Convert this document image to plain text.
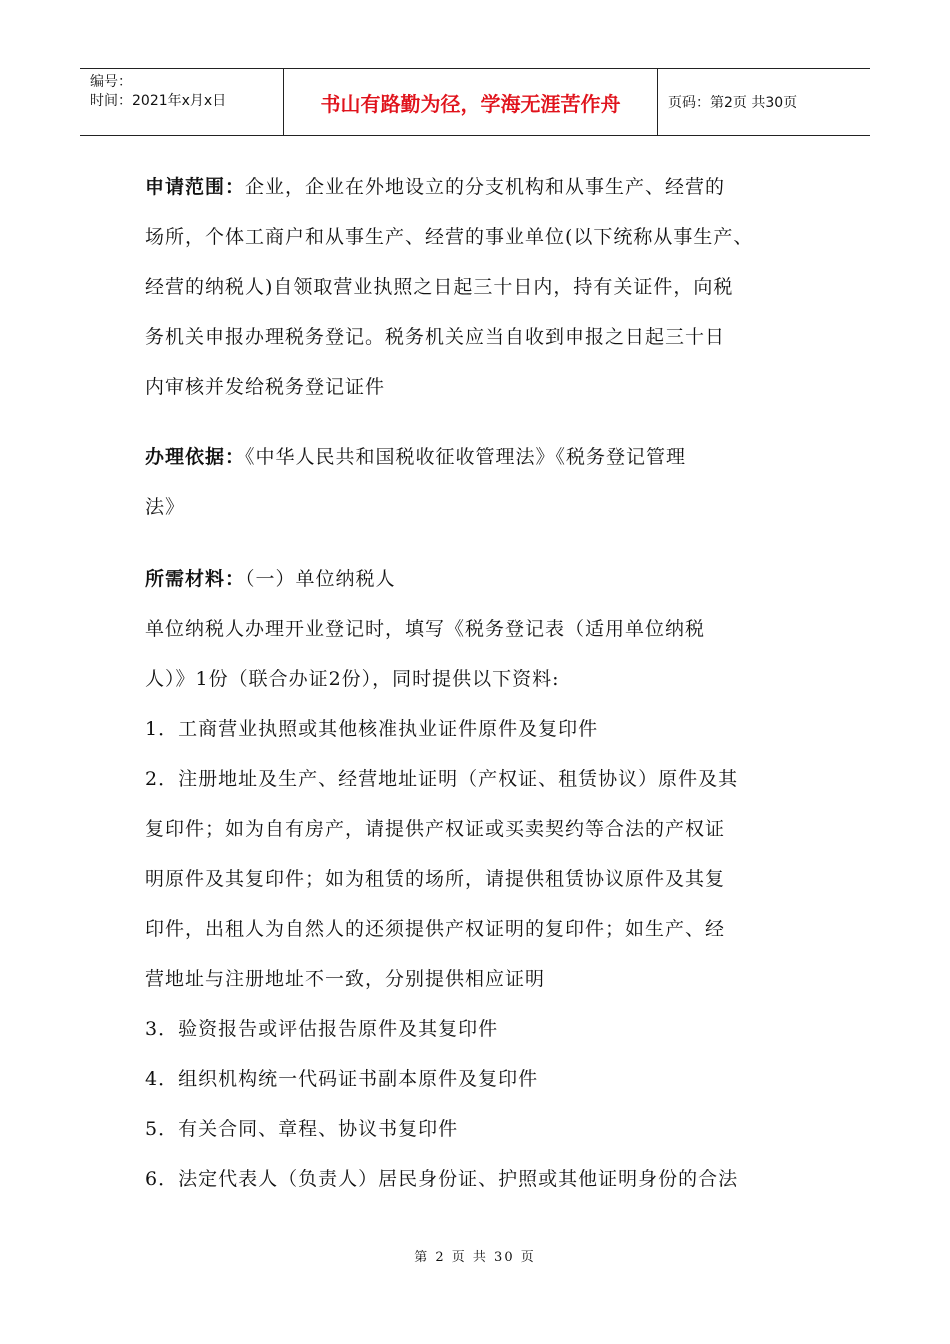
编号：
时间：2021年x月x日	书山有路勤为径，学海无涯苦作舟	页码：第2页 共30页
申请范围：企业，企业在外地设立的分支机构和从事生产、经营的
场所，个体工商户和从事生产、经营的事业单位(以下统称从事生产、
经营的纳税人)自领取营业执照之日起三十日内，持有关证件，向税
务机关申报办理税务登记。税务机关应当自收到申报之日起三十日
内审核并发给税务登记证件
办理依据：《中华人民共和国税收征收管理法》《税务登记管理
法》
所需材料：（一）单位纳税人
单位纳税人办理开业登记时，填写《税务登记表（适用单位纳税
人）》1份（联合办证2份），同时提供以下资料:
1．工商营业执照或其他核准执业证件原件及复印件
2．注册地址及生产、经营地址证明（产权证、租赁协议）原件及其
复印件；如为自有房产，请提供产权证或买卖契约等合法的产权证
明原件及其复印件；如为租赁的场所，请提供租赁协议原件及其复
印件，出租人为自然人的还须提供产权证明的复印件；如生产、经
营地址与注册地址不一致，分别提供相应证明
3．验资报告或评估报告原件及其复印件
4．组织机构统一代码证书副本原件及复印件
5．有关合同、章程、协议书复印件
6．法定代表人（负责人）居民身份证、护照或其他证明身份的合法
第 2 页 共 30 页
